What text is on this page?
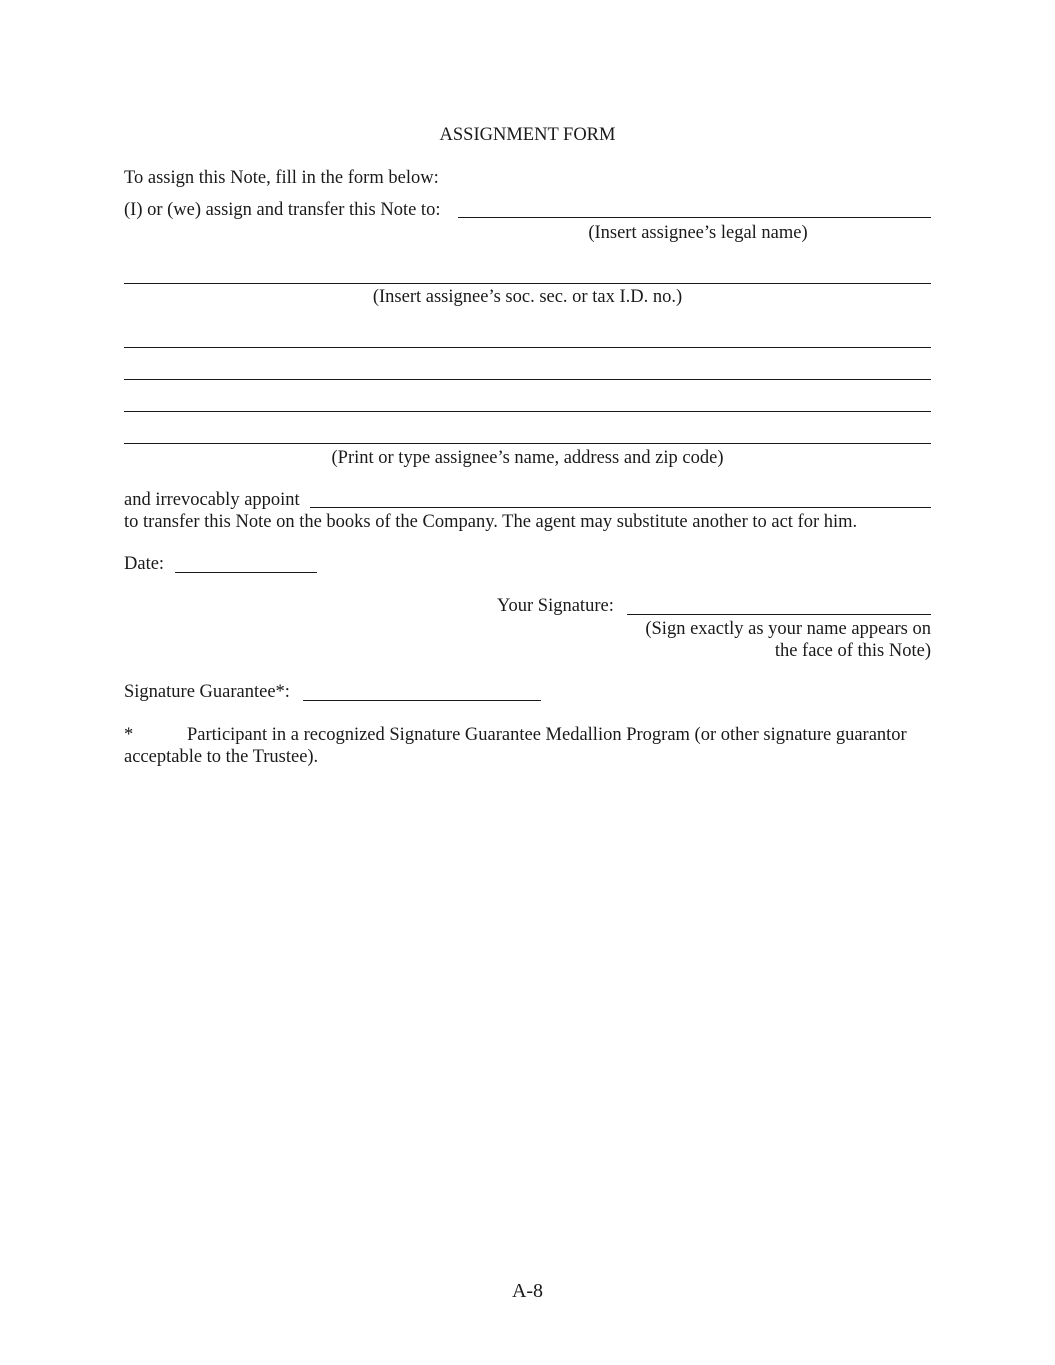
ASSIGNMENT FORM
To assign this Note, fill in the form below:
(I) or (we) assign and transfer this Note to:
(Insert assignee’s legal name)
(Insert assignee’s soc. sec. or tax I.D. no.)
(Print or type assignee’s name, address and zip code)
and irrevocably appoint
to transfer this Note on the books of the Company. The agent may substitute another to act for him.
Date:
Your Signature:
(Sign exactly as your name appears on
the face of this Note)
Signature Guarantee*:
*	Participant in a recognized Signature Guarantee Medallion Program (or other signature guarantor
acceptable to the Trustee).
A-8
